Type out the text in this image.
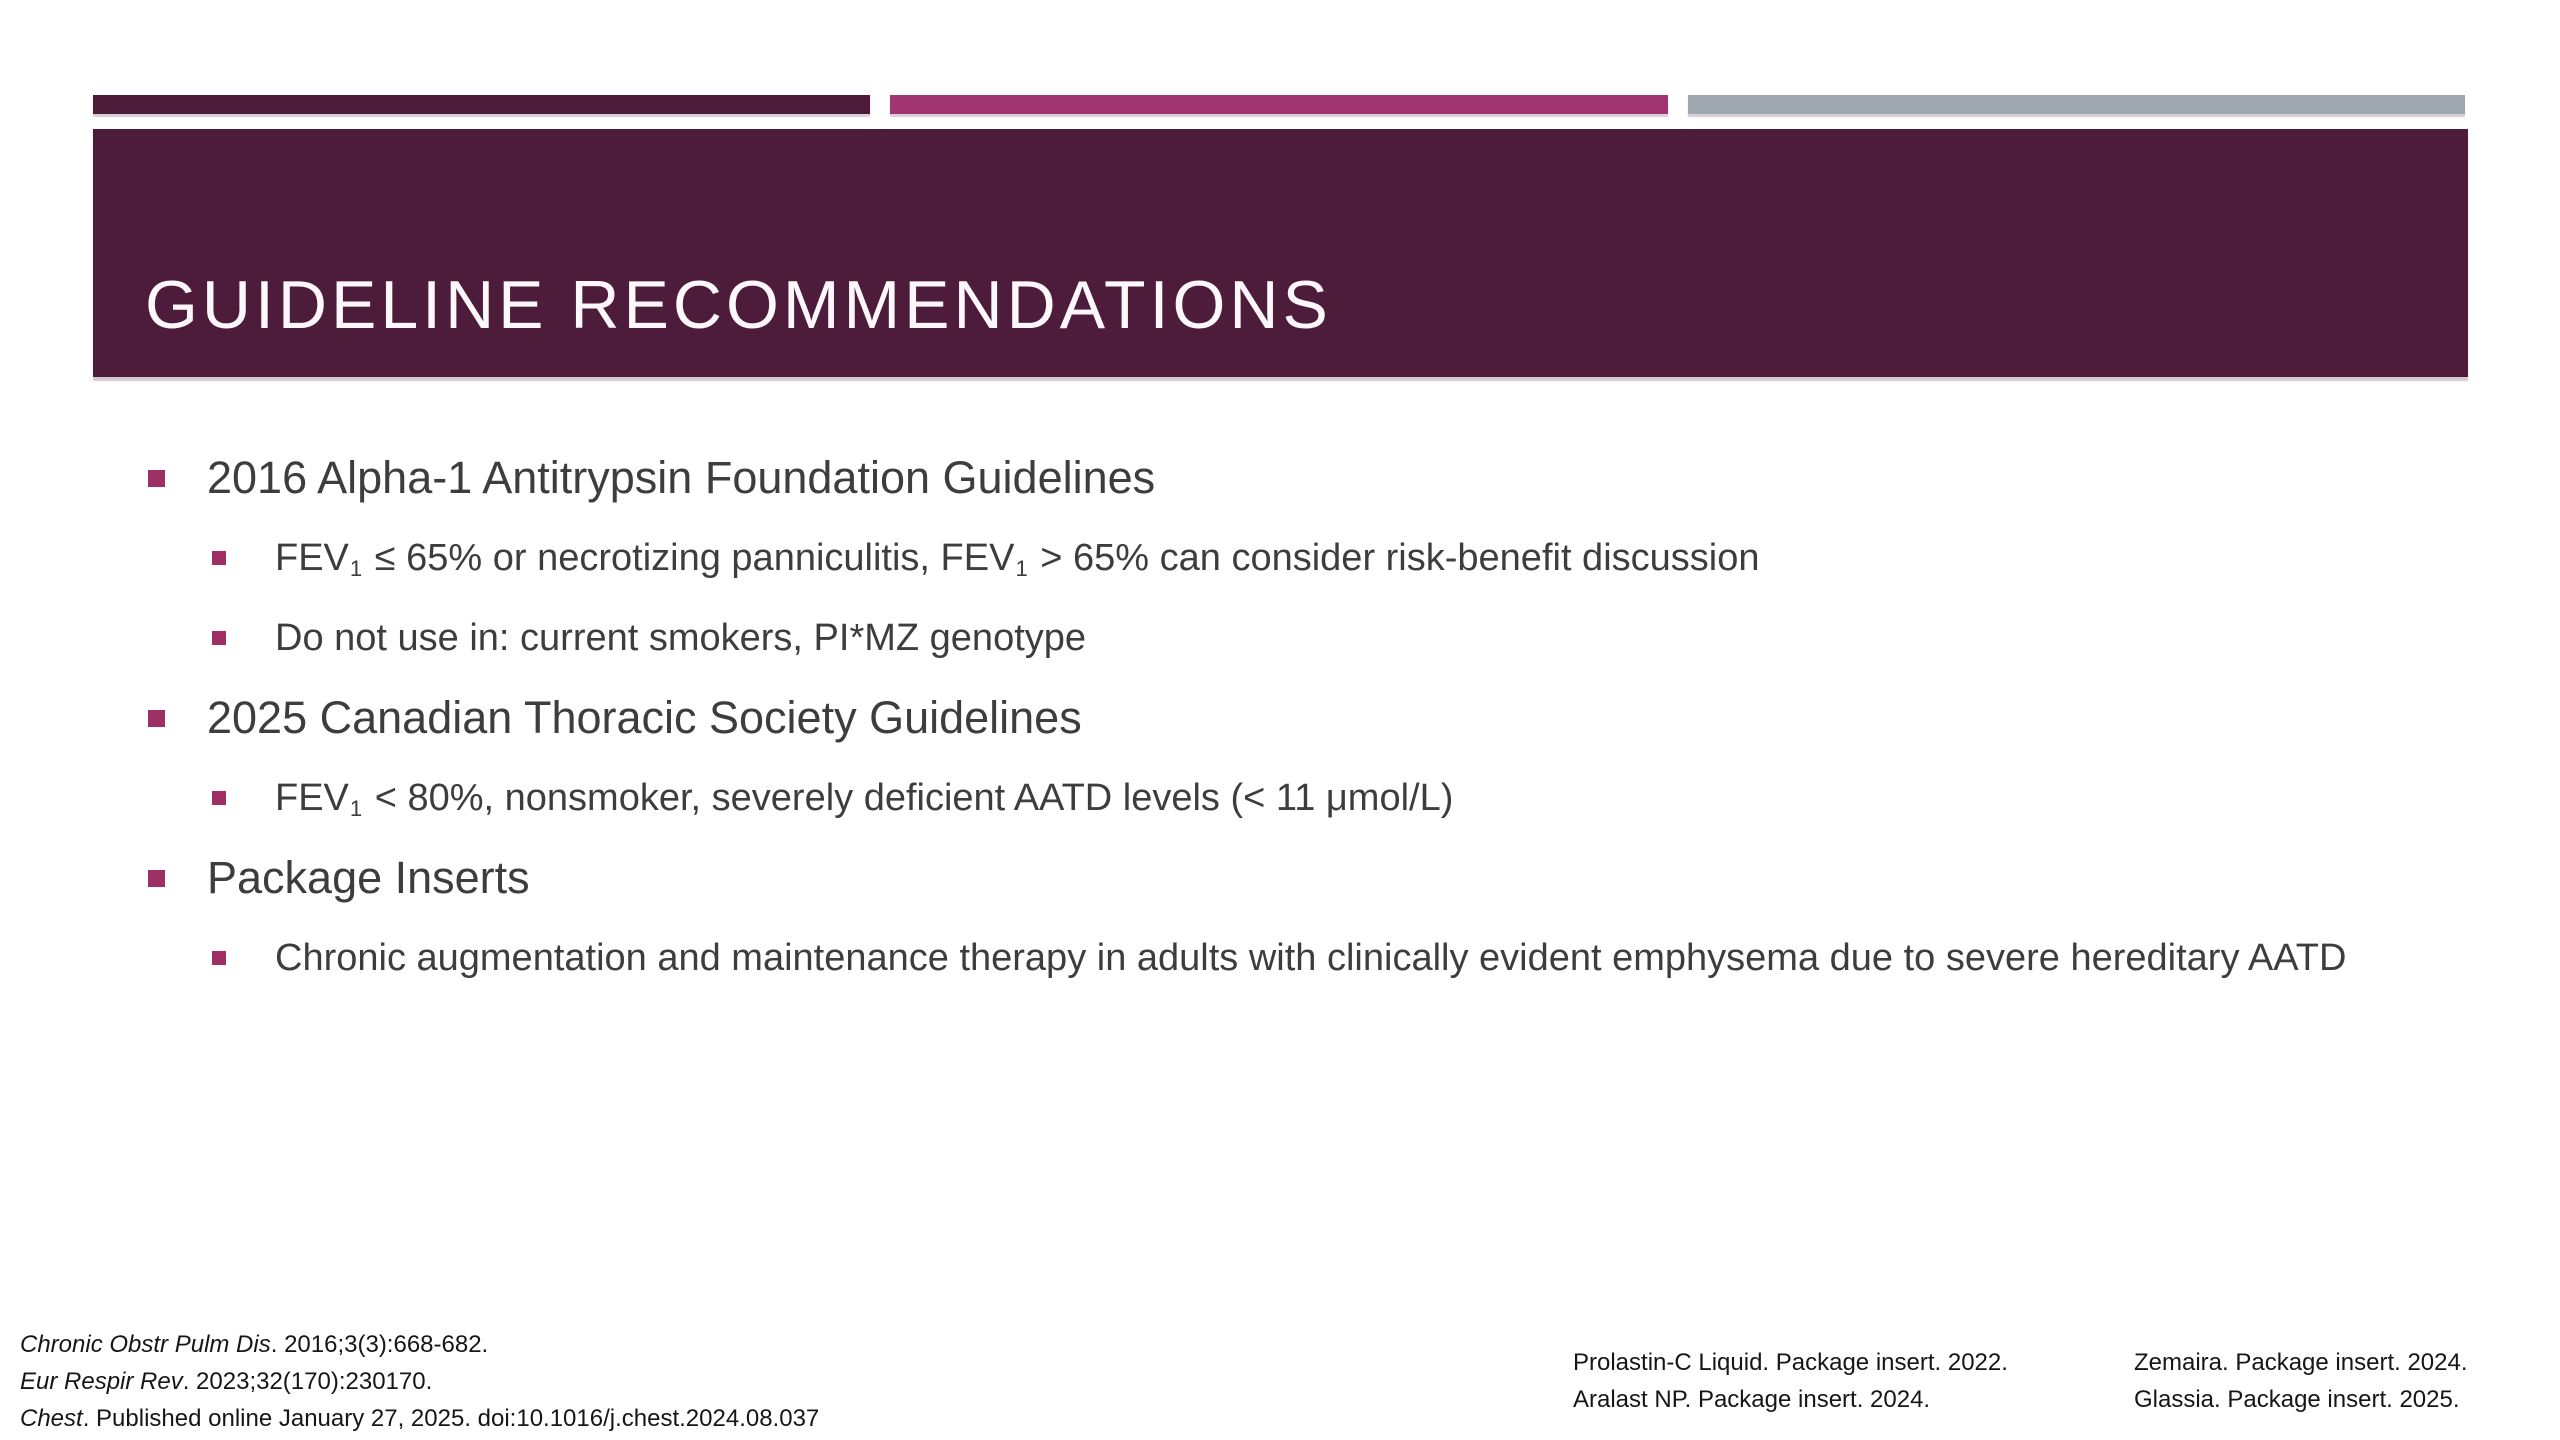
GUIDELINE RECOMMENDATIONS
2016 Alpha-1 Antitrypsin Foundation Guidelines
$FEV_1 \le 65\%$ or necrotizing panniculitis, $FEV_1 > 65\%$ can consider risk-benefit discussion
Do not use in: current smokers, PI*MZ genotype
2025 Canadian Thoracic Society Guidelines
$FEV_1 < 80\%$, nonsmoker, severely deficient AATD levels (< 11 μmol/L)
Package Inserts
Chronic augmentation and maintenance therapy in adults with clinically evident emphysema due to severe hereditary AATD
Chronic Obstr Pulm Dis. 2016;3(3):668-682.
Eur Respir Rev. 2023;32(170):230170.
Chest. Published online January 27, 2025. doi:10.1016/j.chest.2024.08.037
Prolastin-C Liquid. Package insert. 2022.
Aralast NP. Package insert. 2024.
Zemaira. Package insert. 2024.
Glassia. Package insert. 2025.
